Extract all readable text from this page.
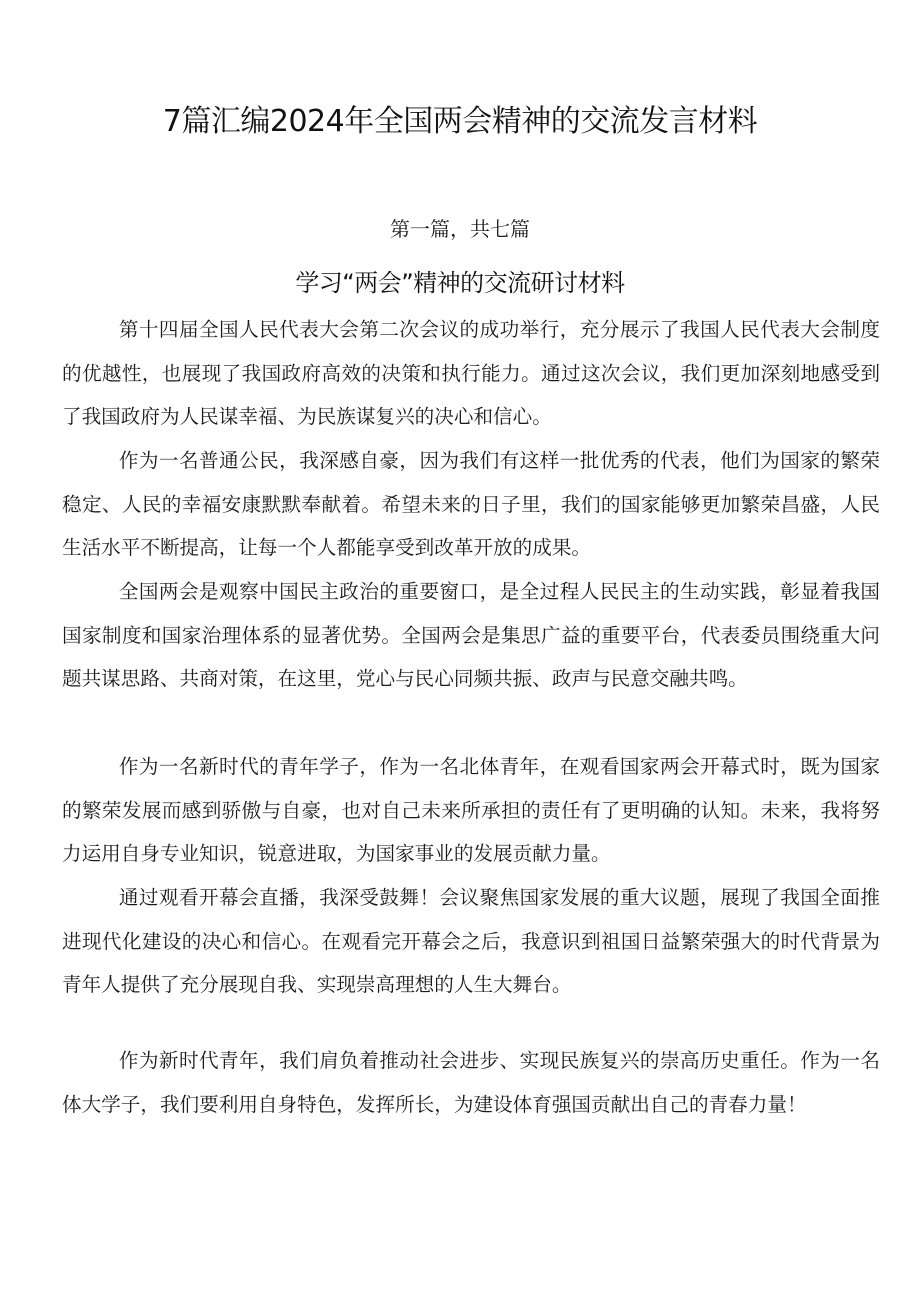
7篇汇编2024年全国两会精神的交流发言材料
第一篇，共七篇
学习“两会”精神的交流研讨材料

第十四届全国人民代表大会第二次会议的成功举行，充分展示了我国人民代表大会制度的优越性，也展现了我国政府高效的决策和执行能力。通过这次会议，我们更加深刻地感受到了我国政府为人民谋幸福、为民族谋复兴的决心和信心。

作为一名普通公民，我深感自豪，因为我们有这样一批优秀的代表，他们为国家的繁荣稳定、人民的幸福安康默默奉献着。希望未来的日子里，我们的国家能够更加繁荣昌盛，人民生活水平不断提高，让每一个人都能享受到改革开放的成果。

全国两会是观察中国民主政治的重要窗口，是全过程人民民主的生动实践，彰显着我国国家制度和国家治理体系的显著优势。全国两会是集思广益的重要平台，代表委员围绕重大问题共谋思路、共商对策，在这里，党心与民心同频共振、政声与民意交融共鸣。

作为一名新时代的青年学子，作为一名北体青年，在观看国家两会开幕式时，既为国家的繁荣发展而感到骄傲与自豪，也对自己未来所承担的责任有了更明确的认知。未来，我将努力运用自身专业知识，锐意进取，为国家事业的发展贡献力量。

通过观看开幕会直播，我深受鼓舞！会议聚焦国家发展的重大议题，展现了我国全面推进现代化建设的决心和信心。在观看完开幕会之后，我意识到祖国日益繁荣强大的时代背景为青年人提供了充分展现自我、实现崇高理想的人生大舞台。

作为新时代青年，我们肩负着推动社会进步、实现民族复兴的崇高历史重任。作为一名体大学子，我们要利用自身特色，发挥所长，为建设体育强国贡献出自己的青春力量！
